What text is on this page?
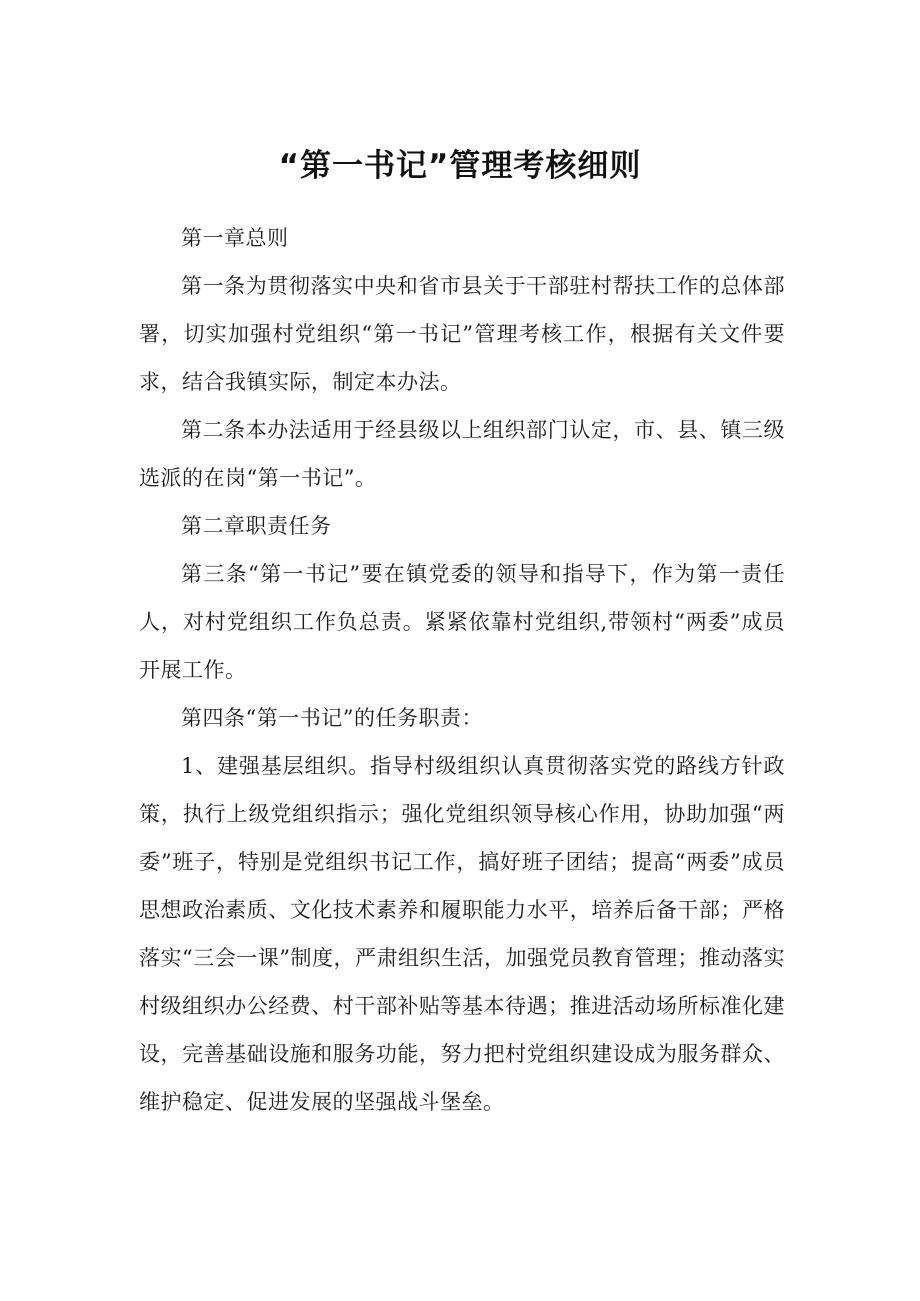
“第一书记”管理考核细则

第一章总则

第一条为贯彻落实中央和省市县关于干部驻村帮扶工作的总体部署，切实加强村党组织“第一书记”管理考核工作，根据有关文件要求，结合我镇实际，制定本办法。

第二条本办法适用于经县级以上组织部门认定，市、县、镇三级选派的在岗“第一书记”。

第二章职责任务

第三条“第一书记”要在镇党委的领导和指导下，作为第一责任人，对村党组织工作负总责。紧紧依靠村党组织,带领村“两委”成员开展工作。

第四条“第一书记”的任务职责：

1、建强基层组织。指导村级组织认真贯彻落实党的路线方针政策，执行上级党组织指示；强化党组织领导核心作用，协助加强“两委”班子，特别是党组织书记工作，搞好班子团结；提高“两委”成员思想政治素质、文化技术素养和履职能力水平，培养后备干部；严格落实“三会一课”制度，严肃组织生活，加强党员教育管理；推动落实村级组织办公经费、村干部补贴等基本待遇；推进活动场所标准化建设，完善基础设施和服务功能，努力把村党组织建设成为服务群众、维护稳定、促进发展的坚强战斗堡垒。
